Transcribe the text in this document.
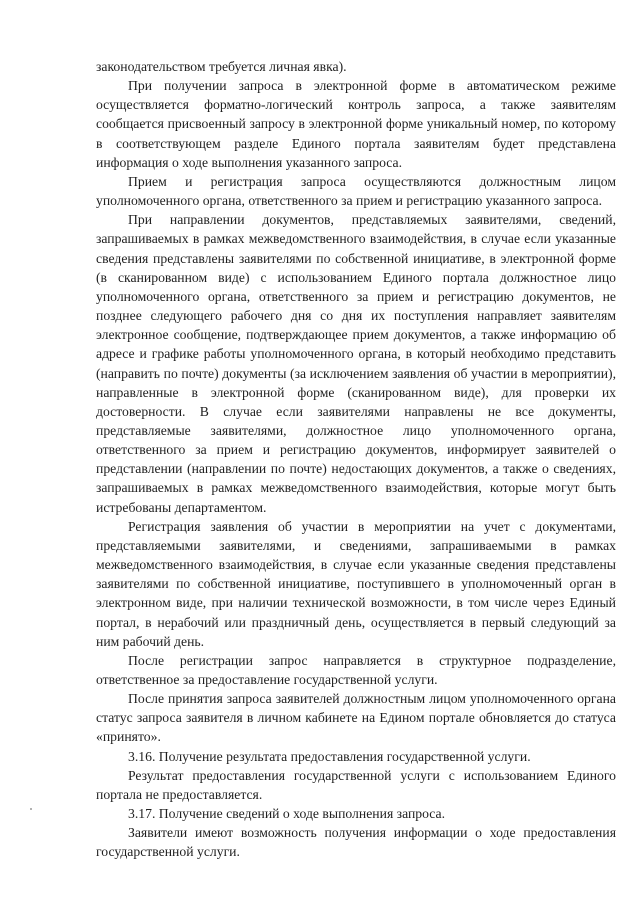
законодательством требуется личная явка).

При получении запроса в электронной форме в автоматическом режиме осуществляется форматно-логический контроль запроса, а также заявителям сообщается присвоенный запросу в электронной форме уникальный номер, по которому в соответствующем разделе Единого портала заявителям будет представлена информация о ходе выполнения указанного запроса.

Прием и регистрация запроса осуществляются должностным лицом уполномоченного органа, ответственного за прием и регистрацию указанного запроса.

При направлении документов, представляемых заявителями, сведений, запрашиваемых в рамках межведомственного взаимодействия, в случае если указанные сведения представлены заявителями по собственной инициативе, в электронной форме (в сканированном виде) с использованием Единого портала должностное лицо уполномоченного органа, ответственного за прием и регистрацию документов, не позднее следующего рабочего дня со дня их поступления направляет заявителям электронное сообщение, подтверждающее прием документов, а также информацию об адресе и графике работы уполномоченного органа, в который необходимо представить (направить по почте) документы (за исключением заявления об участии в мероприятии), направленные в электронной форме (сканированном виде), для проверки их достоверности. В случае если заявителями направлены не все документы, представляемые заявителями, должностное лицо уполномоченного органа, ответственного за прием и регистрацию документов, информирует заявителей о представлении (направлении по почте) недостающих документов, а также о сведениях, запрашиваемых в рамках межведомственного взаимодействия, которые могут быть истребованы департаментом.

Регистрация заявления об участии в мероприятии на учет с документами, представляемыми заявителями, и сведениями, запрашиваемыми в рамках межведомственного взаимодействия, в случае если указанные сведения представлены заявителями по собственной инициативе, поступившего в уполномоченный орган в электронном виде, при наличии технической возможности, в том числе через Единый портал, в нерабочий или праздничный день, осуществляется в первый следующий за ним рабочий день.

После регистрации запрос направляется в структурное подразделение, ответственное за предоставление государственной услуги.

После принятия запроса заявителей должностным лицом уполномоченного органа статус запроса заявителя в личном кабинете на Едином портале обновляется до статуса «принято».

3.16. Получение результата предоставления государственной услуги.

Результат предоставления государственной услуги с использованием Единого портала не предоставляется.

3.17. Получение сведений о ходе выполнения запроса.

Заявители имеют возможность получения информации о ходе предоставления государственной услуги.
